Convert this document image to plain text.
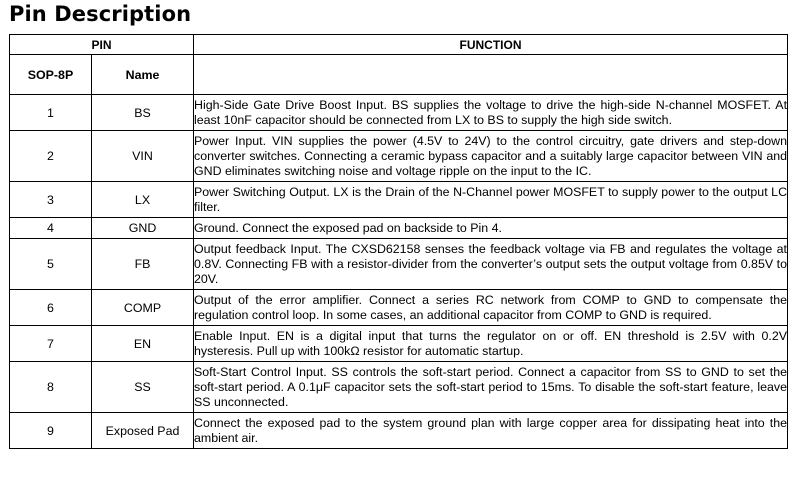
Pin Description
PIN		FUNCTION
SOP-8P	Name	
1	BS	High-Side Gate Drive Boost Input. BS supplies the voltage to drive the high-side N-channel MOSFET. At least 10nF capacitor should be connected from LX to BS to supply the high side switch.
2	VIN	Power Input. VIN supplies the power (4.5V to 24V) to the control circuitry, gate drivers and step-down converter switches. Connecting a ceramic bypass capacitor and a suitably large capacitor between VIN and GND eliminates switching noise and voltage ripple on the input to the IC.
3	LX	Power Switching Output. LX is the Drain of the N-Channel power MOSFET to supply power to the output LC filter.
4	GND	Ground. Connect the exposed pad on backside to Pin 4.
5	FB	Output feedback Input. The CXSD62158 senses the feedback voltage via FB and regulates the voltage at 0.8V. Connecting FB with a resistor-divider from the converter’s output sets the output voltage from 0.85V to 20V.
6	COMP	Output of the error amplifier. Connect a series RC network from COMP to GND to compensate the regulation control loop. In some cases, an additional capacitor from COMP to GND is required.
7	EN	Enable Input. EN is a digital input that turns the regulator on or off. EN threshold is 2.5V with 0.2V hysteresis. Pull up with 100kΩ resistor for automatic startup.
8	SS	Soft-Start Control Input. SS controls the soft-start period. Connect a capacitor from SS to GND to set the soft-start period. A 0.1μF capacitor sets the soft-start period to 15ms. To disable the soft-start feature, leave SS unconnected.
9	Exposed Pad	Connect the exposed pad to the system ground plan with large copper area for dissipating heat into the ambient air.
